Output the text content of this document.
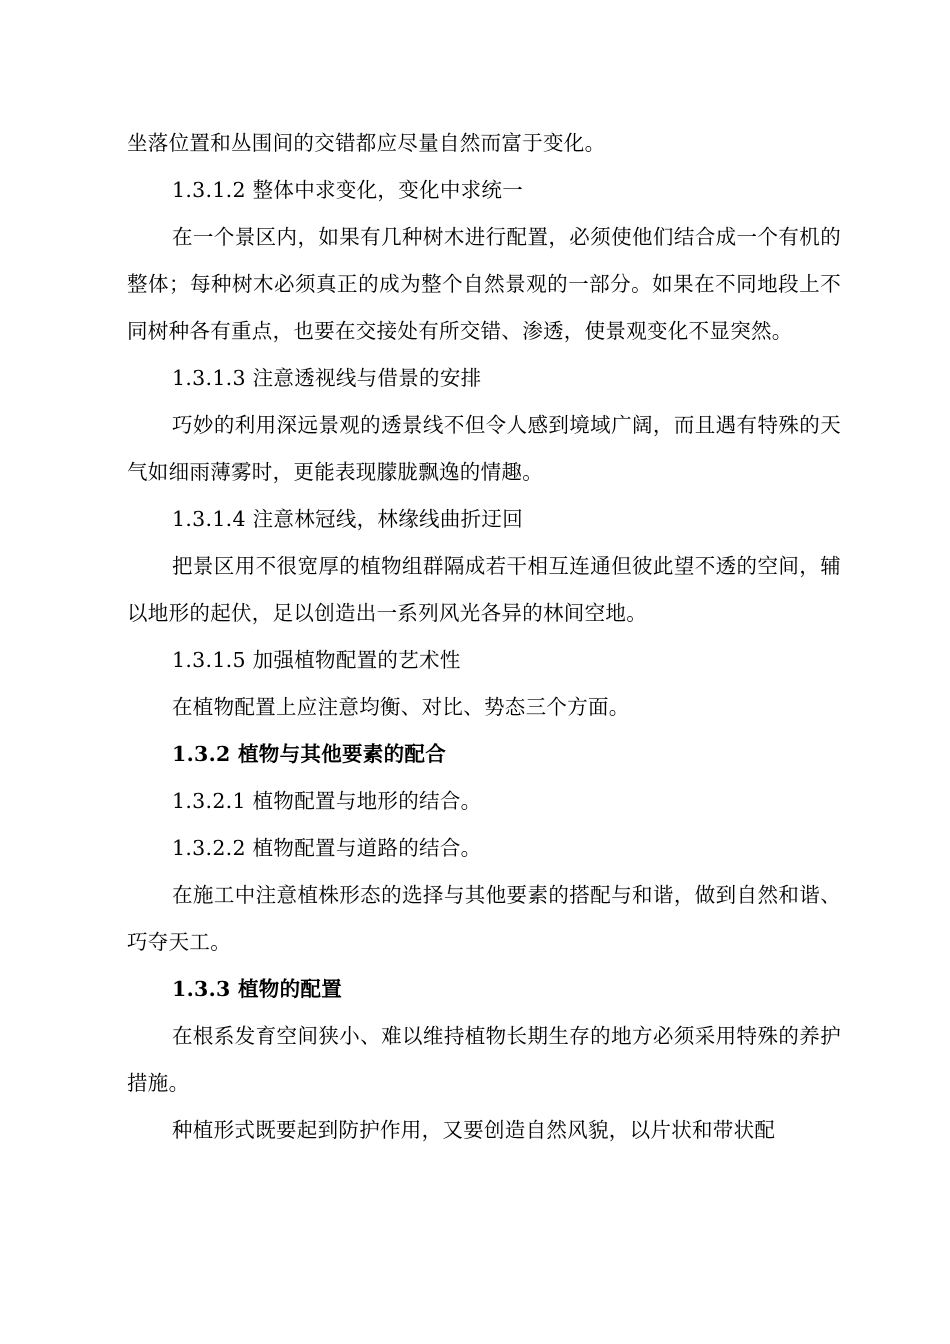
坐落位置和丛围间的交错都应尽量自然而富于变化。

1.3.1.2 整体中求变化，变化中求统一

在一个景区内，如果有几种树木进行配置，必须使他们结合成一个有机的整体；每种树木必须真正的成为整个自然景观的一部分。如果在不同地段上不同树种各有重点，也要在交接处有所交错、渗透，使景观变化不显突然。

1.3.1.3 注意透视线与借景的安排

巧妙的利用深远景观的透景线不但令人感到境域广阔，而且遇有特殊的天气如细雨薄雾时，更能表现朦胧飘逸的情趣。

1.3.1.4 注意林冠线，林缘线曲折迂回

把景区用不很宽厚的植物组群隔成若干相互连通但彼此望不透的空间，辅以地形的起伏，足以创造出一系列风光各异的林间空地。

1.3.1.5 加强植物配置的艺术性

在植物配置上应注意均衡、对比、势态三个方面。

1.3.2 植物与其他要素的配合

1.3.2.1 植物配置与地形的结合。

1.3.2.2 植物配置与道路的结合。

在施工中注意植株形态的选择与其他要素的搭配与和谐，做到自然和谐、巧夺天工。

1.3.3 植物的配置

在根系发育空间狭小、难以维持植物长期生存的地方必须采用特殊的养护措施。

种植形式既要起到防护作用，又要创造自然风貌，以片状和带状配
